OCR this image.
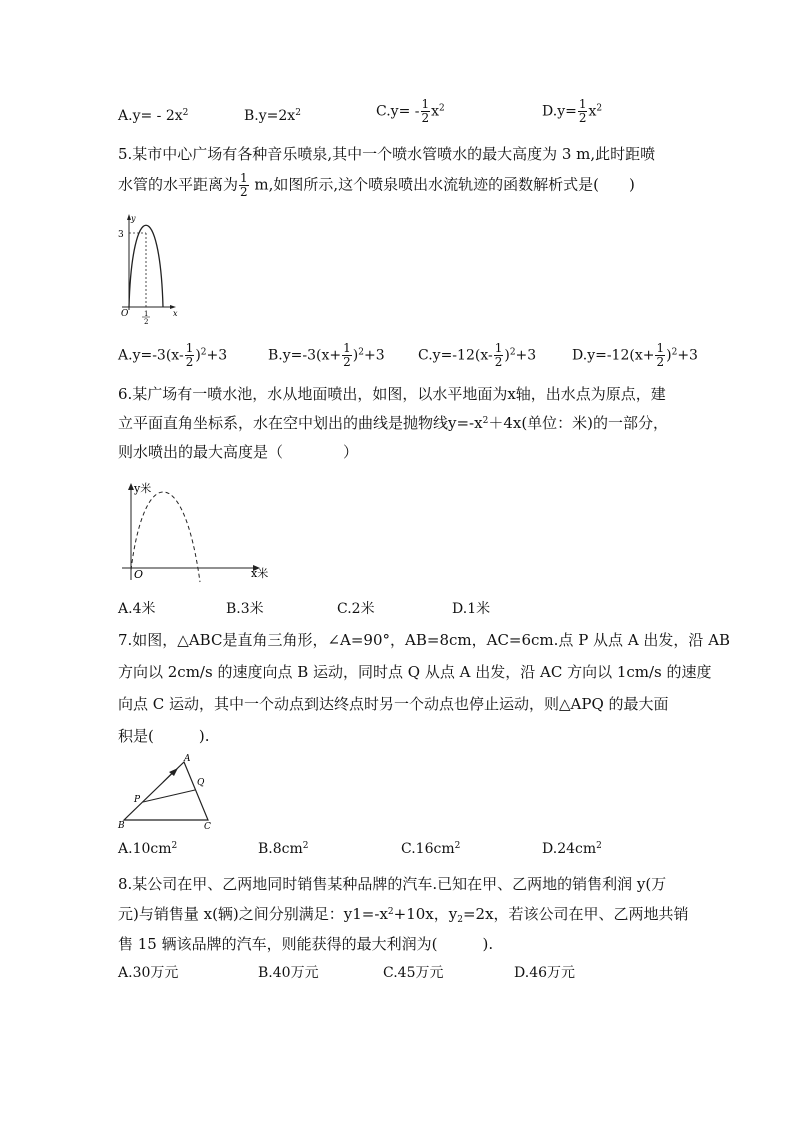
$A.y= - 2x^2$	$B.y=2x^2$	$C.y= - \frac{1}{2} x^2$	$D.y= \frac{1}{2} x^2$
5.某市中心广场有各种音乐喷泉,其中一个喷水管喷水的最大高度为 3 m,此时距喷
水管的水平距离为 $\frac{1}{2} m$,如图所示,这个喷泉喷出水流轨迹的函数解析式是(　　)
3
y
O 1
2
x
$A.y=-3(x- \frac{1}{2} )^2+3$	$B.y=-3(x+ \frac{1}{2} )^2+3$ $C.y=-12(x- \frac{1}{2} )^2+3$	$D.y=-12(x+ \frac{1}{2} )^2+3$
6.某广场有一喷水池，水从地面喷出，如图，以水平地面为x轴，出水点为原点，建
立平面直角坐标系，水在空中划出的曲线是抛物线$y=-x^2+4x$(单位：米)的一部分，
则水喷出的最大高度是（　　　　）
y米
O	x米
A.4米	B.3米	C.2米	D.1米
7.如图，△ABC是直角三角形，∠A=90°，AB=8cm，AC=6cm.点 P 从点 A 出发，沿 AB
方向以 2cm/s 的速度向点 B 运动，同时点 Q 从点 A 出发，沿 AC 方向以 1cm/s 的速度
向点 C 运动，其中一个动点到达终点时另一个动点也停止运动，则△APQ 的最大面
积是(　　　).
A
B	C
P
Q
$A.10cm^2$	$B.8cm^2$	$C.16cm^2$	$D.24cm^2$
8.某公司在甲、乙两地同时销售某种品牌的汽车.已知在甲、乙两地的销售利润 y(万
元)与销售量 x(辆)之间分别满足：$y1=-x^2+10x$，$y_2=2x$，若该公司在甲、乙两地共销
售 15 辆该品牌的汽车，则能获得的最大利润为(　　　).
A.30万元	B.40万元	C.45万元	D.46万元
